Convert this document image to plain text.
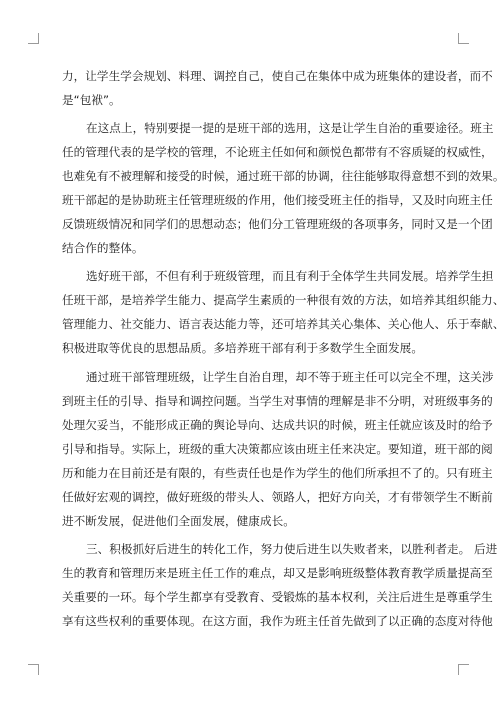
力，让学生学会规划、料理、调控自己，使自己在集体中成为班集体的建设者，而不
是“包袱”。
在这点上，特别要提一提的是班干部的选用，这是让学生自治的重要途径。班主
任的管理代表的是学校的管理，不论班主任如何和颜悦色都带有不容质疑的权威性，
也难免有不被理解和接受的时候，通过班干部的协调，往往能够取得意想不到的效果。
班干部起的是协助班主任管理班级的作用，他们接受班主任的指导，又及时向班主任
反馈班级情况和同学们的思想动态；他们分工管理班级的各项事务，同时又是一个团
结合作的整体。
选好班干部，不但有利于班级管理，而且有利于全体学生共同发展。培养学生担
任班干部，是培养学生能力、提高学生素质的一种很有效的方法，如培养其组织能力、
管理能力、社交能力、语言表达能力等，还可培养其关心集体、关心他人、乐于奉献、
积极进取等优良的思想品质。多培养班干部有利于多数学生全面发展。
通过班干部管理班级，让学生自治自理，却不等于班主任可以完全不理，这关涉
到班主任的引导、指导和调控问题。当学生对事情的理解是非不分明，对班级事务的
处理欠妥当，不能形成正确的舆论导向、达成共识的时候，班主任就应该及时的给予
引导和指导。实际上，班级的重大决策都应该由班主任来决定。要知道，班干部的阅
历和能力在目前还是有限的，有些责任也是作为学生的他们所承担不了的。只有班主
任做好宏观的调控，做好班级的带头人、领路人，把好方向关，才有带领学生不断前
进不断发展，促进他们全面发展，健康成长。
三、积极抓好后进生的转化工作，努力使后进生以失败者来，以胜利者走。 后进
生的教育和管理历来是班主任工作的难点，却又是影响班级整体教育教学质量提高至
关重要的一环。每个学生都享有受教育、受锻炼的基本权利，关注后进生是尊重学生
享有这些权利的重要体现。在这方面，我作为班主任首先做到了以正确的态度对待他
